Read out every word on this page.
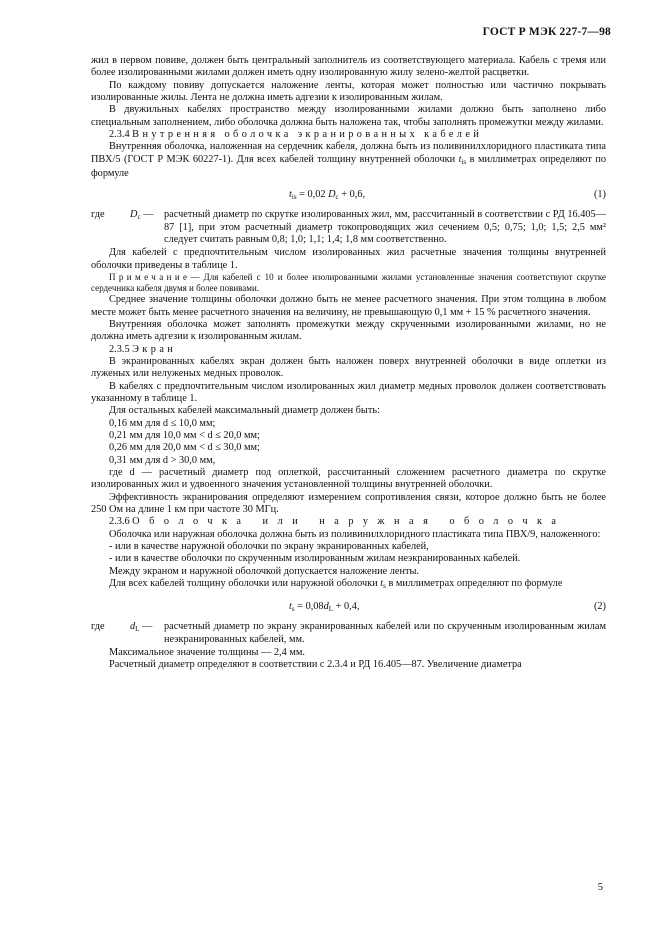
ГОСТ Р МЭК 227-7—98

жил в первом повиве, должен быть центральный заполнитель из соответствующего материала. Кабель с тремя или более изолированными жилами должен иметь одну изолированную жилу зелено-желтой расцветки.

По каждому повиву допускается наложение ленты, которая может полностью или частично покрывать изолированные жилы. Лента не должна иметь адгезии к изолированным жилам.

В двужильных кабелях пространство между изолированными жилами должно быть заполнено либо специальным заполнением, либо оболочка должна быть наложена так, чтобы заполнять промежутки между жилами.

2.3.4 Внутренняя оболочка экранированных кабелей

Внутренняя оболочка, наложенная на сердечник кабеля, должна быть из поливинилхлоридного пластиката типа ПВХ/5 (ГОСТ Р МЭК 60227-1). Для всех кабелей толщину внутренней оболочки $t_{is}$ в миллиметрах определяют по формуле

$t_{is} = 0,02$ $D_c + 0,6$,	(1)
где	$D_c$ —	расчетный диаметр по скрутке изолированных жил, мм, рассчитанный в соответствии с РД 16.405—87 [1], при этом расчетный диаметр токопроводящих жил сечением 0,5; 0,75; 1,0; 1,5; 2,5 мм² следует считать равным 0,8; 1,0; 1,1; 1,4; 1,8 мм соответственно.

Для кабелей с предпочтительным числом изолированных жил расчетные значения толщины внутренней оболочки приведены в таблице 1.

Примечание— Для кабелей с 10 и более изолированными жилами установленные значения соответствуют скрутке сердечника кабеля двумя и более повивами.

Среднее значение толщины оболочки должно быть не менее расчетного значения. При этом толщина в любом месте может быть менее расчетного значения на величину, не превышающую 0,1 мм + 15 % расчетного значения.

Внутренняя оболочка может заполнять промежутки между скрученными изолированными жилами, но не должна иметь адгезии к изолированным жилам.

2.3.5 Экран

В экранированных кабелях экран должен быть наложен поверх внутренней оболочки в виде оплетки из луженых или нелуженых медных проволок.

В кабелях с предпочтительным числом изолированных жил диаметр медных проволок должен соответствовать указанному в таблице 1.

Для остальных кабелей максимальный диаметр должен быть:

0,16 мм для d ≤ 10,0 мм;

0,21 мм для 10,0 мм < d ≤ 20,0 мм;

0,26 мм для 20,0 мм < d ≤ 30,0 мм;

0,31 мм для d > 30,0 мм,

где d — расчетный диаметр под оплеткой, рассчитанный сложением расчетного диаметра по скрутке изолированных жил и удвоенного значения установленной толщины внутренней оболочки.

Эффективность экранирования определяют измерением сопротивления связи, которое должно быть не более 250 Ом на длине 1 км при частоте 30 МГц.

2.3.6 Оболочка или наружная оболочка

Оболочка или наружная оболочка должна быть из поливинилхлоридного пластиката типа ПВХ/9, наложенного:

- или в качестве наружной оболочки по экрану экранированных кабелей,

- или в качестве оболочки по скрученным изолированным жилам неэкранированных кабелей.

Между экраном и наружной оболочкой допускается наложение ленты.

Для всех кабелей толщину оболочки или наружной оболочки $t_s$ в миллиметрах определяют по формуле

$t_s = 0,08d_L + 0,4$,	(2)
где	$d_L$ —	расчетный диаметр по экрану экранированных кабелей или по скрученным изолированным жилам неэкранированных кабелей, мм.

Максимальное значение толщины — 2,4 мм.

Расчетный диаметр определяют в соответствии с 2.3.4 и РД 16.405—87. Увеличение диаметра

5
